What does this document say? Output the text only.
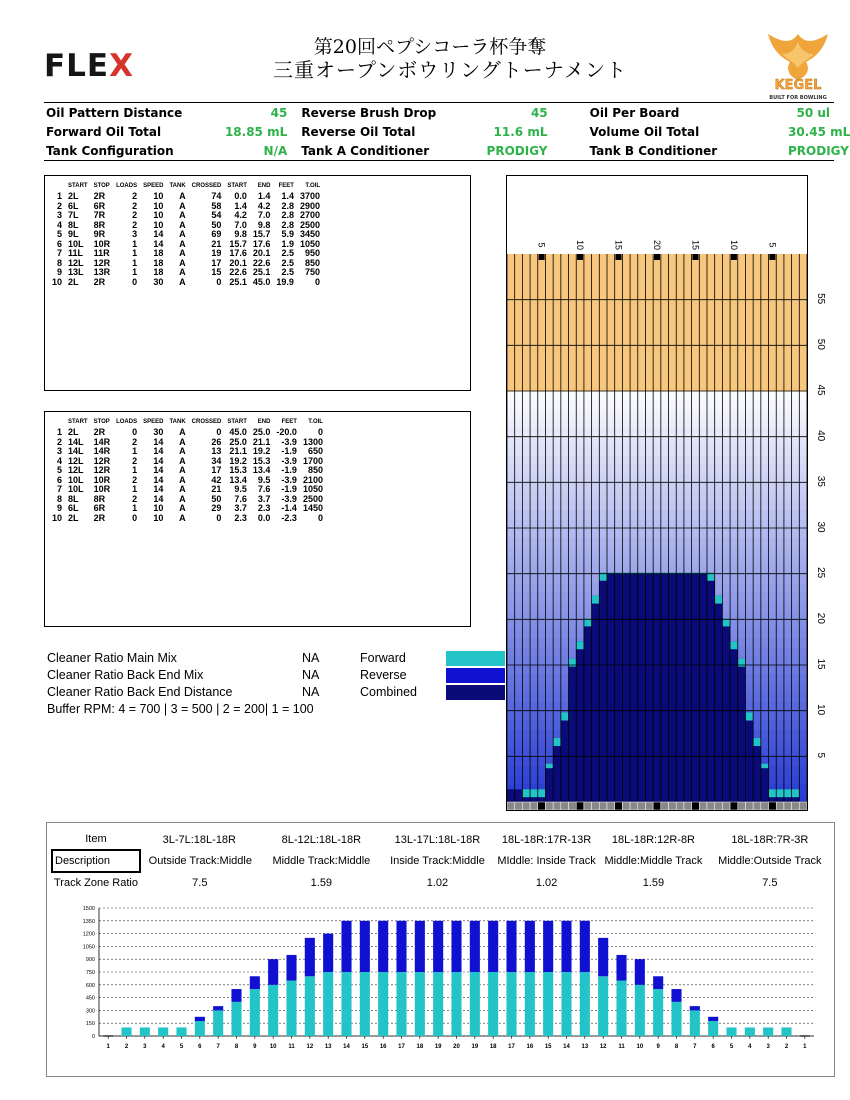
FLEX
第20回ペプシコーラ杯争奪
三重オープンボウリングトーナメント
KEGEL
BUILT FOR BOWLING
Oil Pattern Distance	45	Reverse Brush Drop	45	Oil Per Board	50 ul
Forward Oil Total	18.85 mL	Reverse Oil Total	11.6 mL	Volume Oil Total	30.45 mL
Tank Configuration	N/A	Tank A Conditioner	PRODIGY	Tank B Conditioner	PRODIGY
	START	STOP	LOADS	SPEED	TANK	CROSSED	START	END	FEET	T.OIL
1	2L	2R	2	10	A	74	0.0	1.4	1.4	3700
2	6L	6R	2	10	A	58	1.4	4.2	2.8	2900
3	7L	7R	2	10	A	54	4.2	7.0	2.8	2700
4	8L	8R	2	10	A	50	7.0	9.8	2.8	2500
5	9L	9R	3	14	A	69	9.8	15.7	5.9	3450
6	10L	10R	1	14	A	21	15.7	17.6	1.9	1050
7	11L	11R	1	18	A	19	17.6	20.1	2.5	950
8	12L	12R	1	18	A	17	20.1	22.6	2.5	850
9	13L	13R	1	18	A	15	22.6	25.1	2.5	750
10	2L	2R	0	30	A	0	25.1	45.0	19.9	0
	START	STOP	LOADS	SPEED	TANK	CROSSED	START	END	FEET	T.OIL
1	2L	2R	0	30	A	0	45.0	25.0	-20.0	0
2	14L	14R	2	14	A	26	25.0	21.1	-3.9	1300
3	14L	14R	1	14	A	13	21.1	19.2	-1.9	650
4	12L	12R	2	14	A	34	19.2	15.3	-3.9	1700
5	12L	12R	1	14	A	17	15.3	13.4	-1.9	850
6	10L	10R	2	14	A	42	13.4	9.5	-3.9	2100
7	10L	10R	1	14	A	21	9.5	7.6	-1.9	1050
8	8L	8R	2	14	A	50	7.6	3.7	-3.9	2500
9	6L	6R	1	10	A	29	3.7	2.3	-1.4	1450
10	2L	2R	0	10	A	0	2.3	0.0	-2.3	0
Cleaner Ratio Main Mix	NA	Forward
Cleaner Ratio Back End Mix	NA	Reverse
Cleaner Ratio Back End Distance	NA	Combined
Buffer RPM: 4 = 700 | 3 = 500 | 2 = 200| 1 = 100
5	10	15	20	15	10	5
55
50
45
40
35
30
25
20
15
10
5
Item	3L-7L:18L-18R	8L-12L:18L-18R	13L-17L:18L-18R	18L-18R:17R-13R	18L-18R:12R-8R	18L-18R:7R-3R
Description	Outside Track:Middle	Middle Track:Middle	Inside Track:Middle	MIddle: Inside Track	Middle:Middle Track	Middle:Outside Track
Track Zone Ratio	7.5	1.59	1.02	1.02	1.59	7.5
1500
1350
1200
1050
900
750
600
450
300
150
0
1 2 3 4 5 6 7 8 9 10 11 12 13 14 15 16 17 18 19 20 19 18 17 16 15 14 13 12 11 10 9 8 7 6 5 4 3 2 1
